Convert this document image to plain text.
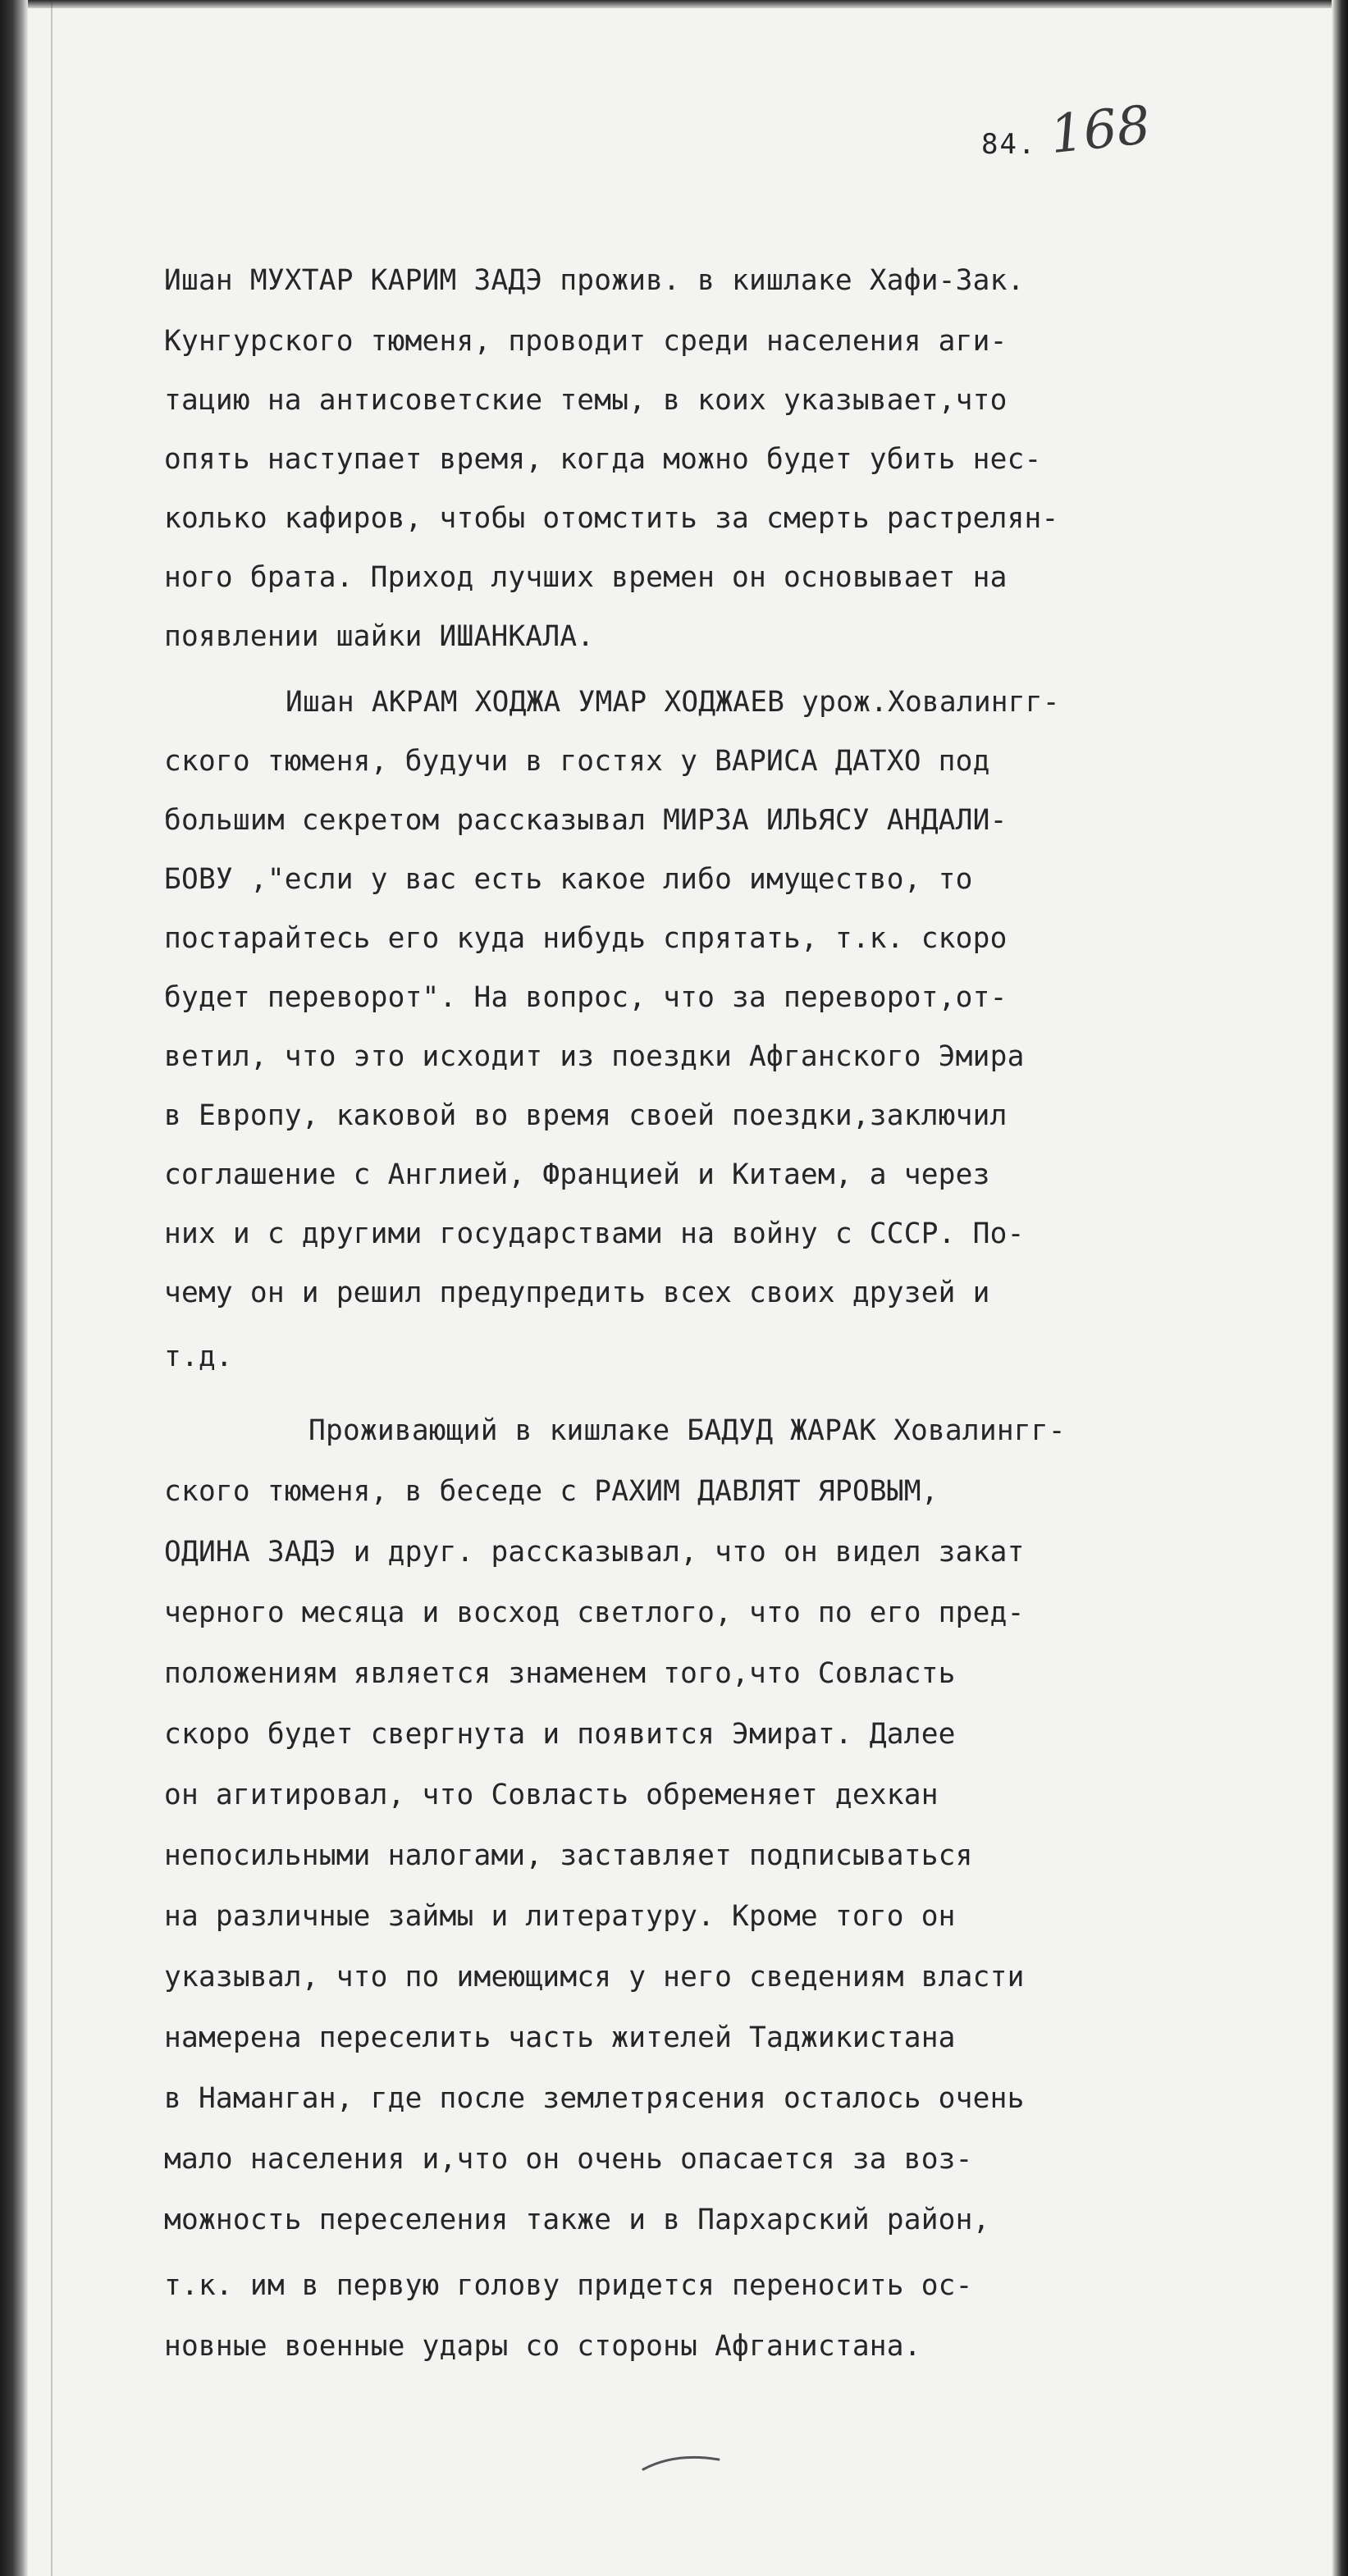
84. 168
Ишан МУХТАР КАРИМ ЗАДЭ прожив. в кишлаке Хафи-Зак.
Кунгурского тюменя, проводит среди населения аги-
тацию на антисоветские темы, в коих указывает,что
опять наступает время, когда можно будет убить нес-
колько кафиров, чтобы отомстить за смерть растрелян-
ного брата. Приход лучших времен он основывает на
появлении шайки ИШАНКАЛА.
Ишан АКРАМ ХОДЖА УМАР ХОДЖАЕВ урож.Ховалингг-
ского тюменя, будучи в гостях у ВАРИСА ДАТХО под
большим секретом рассказывал МИРЗА ИЛЬЯСУ АНДАЛИ-
БОВУ ,"если у вас есть какое либо имущество, то
постарайтесь его куда нибудь спрятать, т.к. скоро
будет переворот". На вопрос, что за переворот,от-
ветил, что это исходит из поездки Афганского Эмира
в Европу, каковой во время своей поездки,заключил
соглашение с Англией, Францией и Китаем, а через
них и с другими государствами на войну с СССР. По-
чему он и решил предупредить всех своих друзей и
т.д.
Проживающий в кишлаке БАДУД ЖАРАК Ховалингг-
ского тюменя, в беседе с РАХИМ ДАВЛЯТ ЯРОВЫМ,
ОДИНА ЗАДЭ и друг. рассказывал, что он видел закат
черного месяца и восход светлого, что по его пред-
положениям является знаменем того,что Совласть
скоро будет свергнута и появится Эмират. Далее
он агитировал, что Совласть обременяет дехкан
непосильными налогами, заставляет подписываться
на различные займы и литературу. Кроме того он
указывал, что по имеющимся у него сведениям власти
намерена переселить часть жителей Таджикистана
в Наманган, где после землетрясения осталось очень
мало населения и,что он очень опасается за воз-
можность переселения также и в Пархарский район,
т.к. им в первую голову придется переносить ос-
новные военные удары со стороны Афганистана.
